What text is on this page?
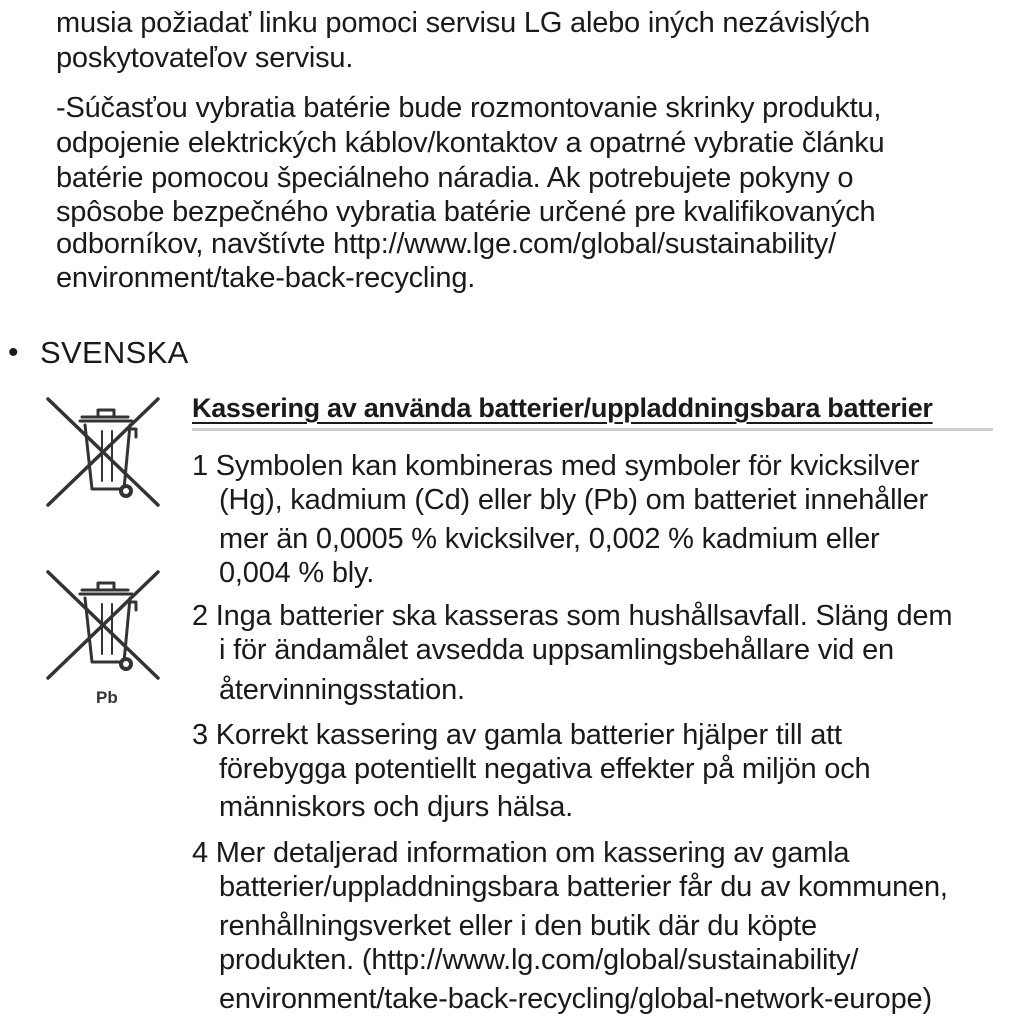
musia požiadať linku pomoci servisu LG alebo iných nezávislých
poskytovateľov servisu.
-Súčasťou vybratia batérie bude rozmontovanie skrinky produktu,
odpojenie elektrických káblov/kontaktov a opatrné vybratie článku
batérie pomocou špeciálneho náradia. Ak potrebujete pokyny o
spôsobe bezpečného vybratia batérie určené pre kvalifikovaných
odborníkov, navštívte http://www.lge.com/global/sustainability/
environment/take-back-recycling.
• SVENSKA
Kassering av använda batterier/uppladdningsbara batterier
Pb
1 Symbolen kan kombineras med symboler för kvicksilver
(Hg), kadmium (Cd) eller bly (Pb) om batteriet innehåller
mer än 0,0005 % kvicksilver, 0,002 % kadmium eller
0,004 % bly.
2 Inga batterier ska kasseras som hushållsavfall. Släng dem
i för ändamålet avsedda uppsamlingsbehållare vid en
återvinningsstation.
3 Korrekt kassering av gamla batterier hjälper till att
förebygga potentiellt negativa effekter på miljön och
människors och djurs hälsa.
4 Mer detaljerad information om kassering av gamla
batterier/uppladdningsbara batterier får du av kommunen,
renhållningsverket eller i den butik där du köpte
produkten. (http://www.lg.com/global/sustainability/
environment/take-back-recycling/global-network-europe)
